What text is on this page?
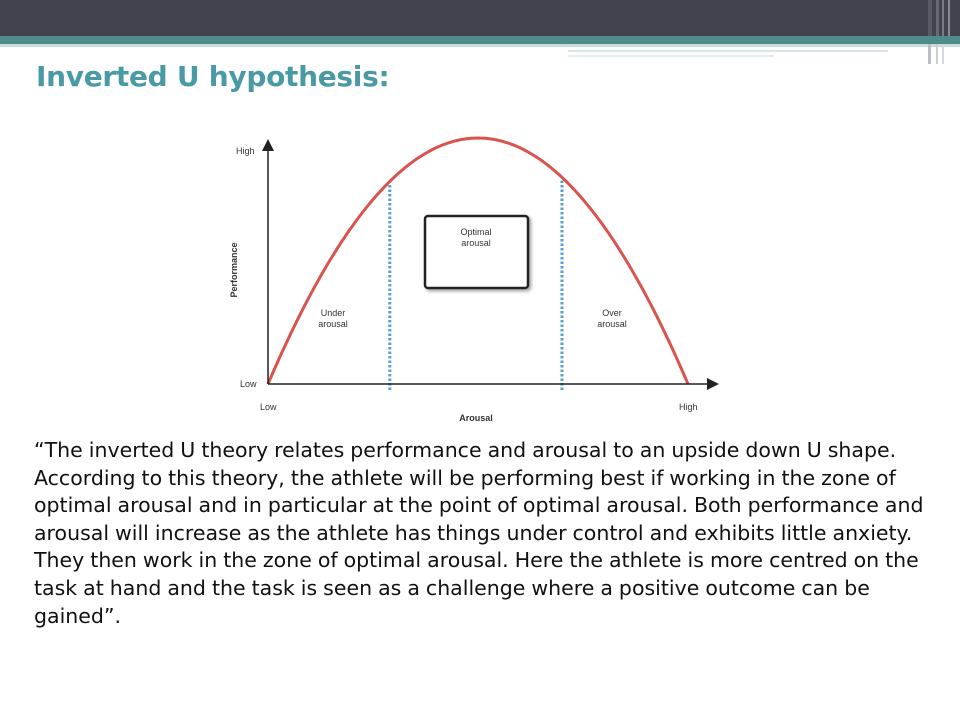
Inverted U hypothesis:
High
Low
Low	High
Arousal
Performance
Under arousal
Optimal arousal
Over arousal

“The inverted U theory relates performance and arousal to an upside down U shape. According to this theory, the athlete will be performing best if working in the zone of optimal arousal and in particular at the point of optimal arousal. Both performance and arousal will increase as the athlete has things under control and exhibits little anxiety. They then work in the zone of optimal arousal. Here the athlete is more centred on the task at hand and the task is seen as a challenge where a positive outcome can be gained”.
